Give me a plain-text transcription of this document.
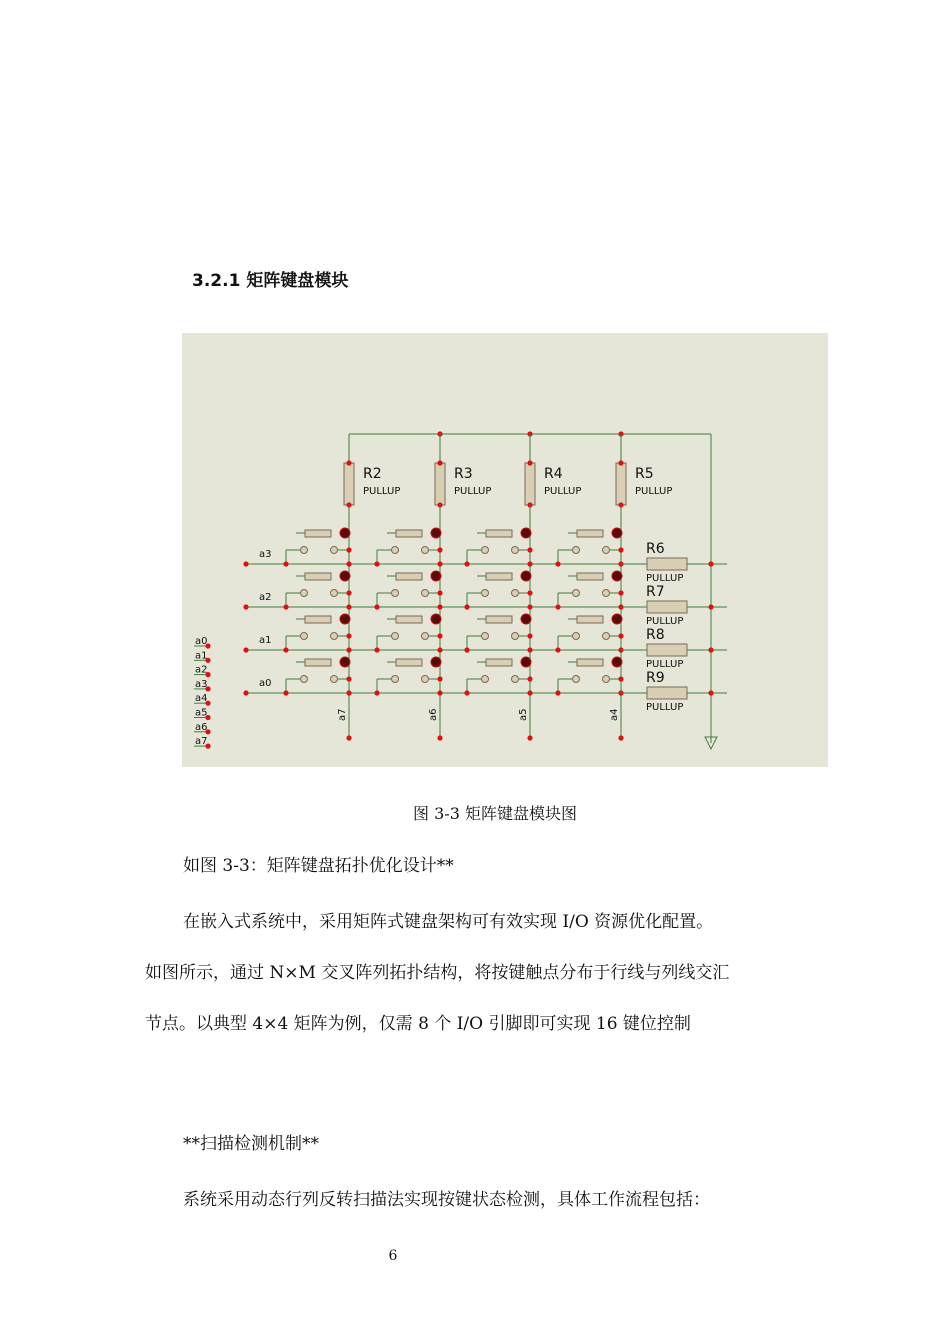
3.2.1 矩阵键盘模块
R2
PULLUP
a7
R3
PULLUP
a6
R4
PULLUP
a5
R5
PULLUP
a4
a3	R6
PULLUP
a2	R7
PULLUP
a1	R8
PULLUP
a0	R9
PULLUP
a0
a1
a2
a3
a4
a5
a6
a7
图 3-3 矩阵键盘模块图
如图 3-3：矩阵键盘拓扑优化设计**
在嵌入式系统中，采用矩阵式键盘架构可有效实现 I/O 资源优化配置。
如图所示，通过 N×M 交叉阵列拓扑结构，将按键触点分布于行线与列线交汇
节点。以典型 4×4 矩阵为例，仅需 8 个 I/O 引脚即可实现 16 键位控制
**扫描检测机制**
系统采用动态行列反转扫描法实现按键状态检测，具体工作流程包括：
6
